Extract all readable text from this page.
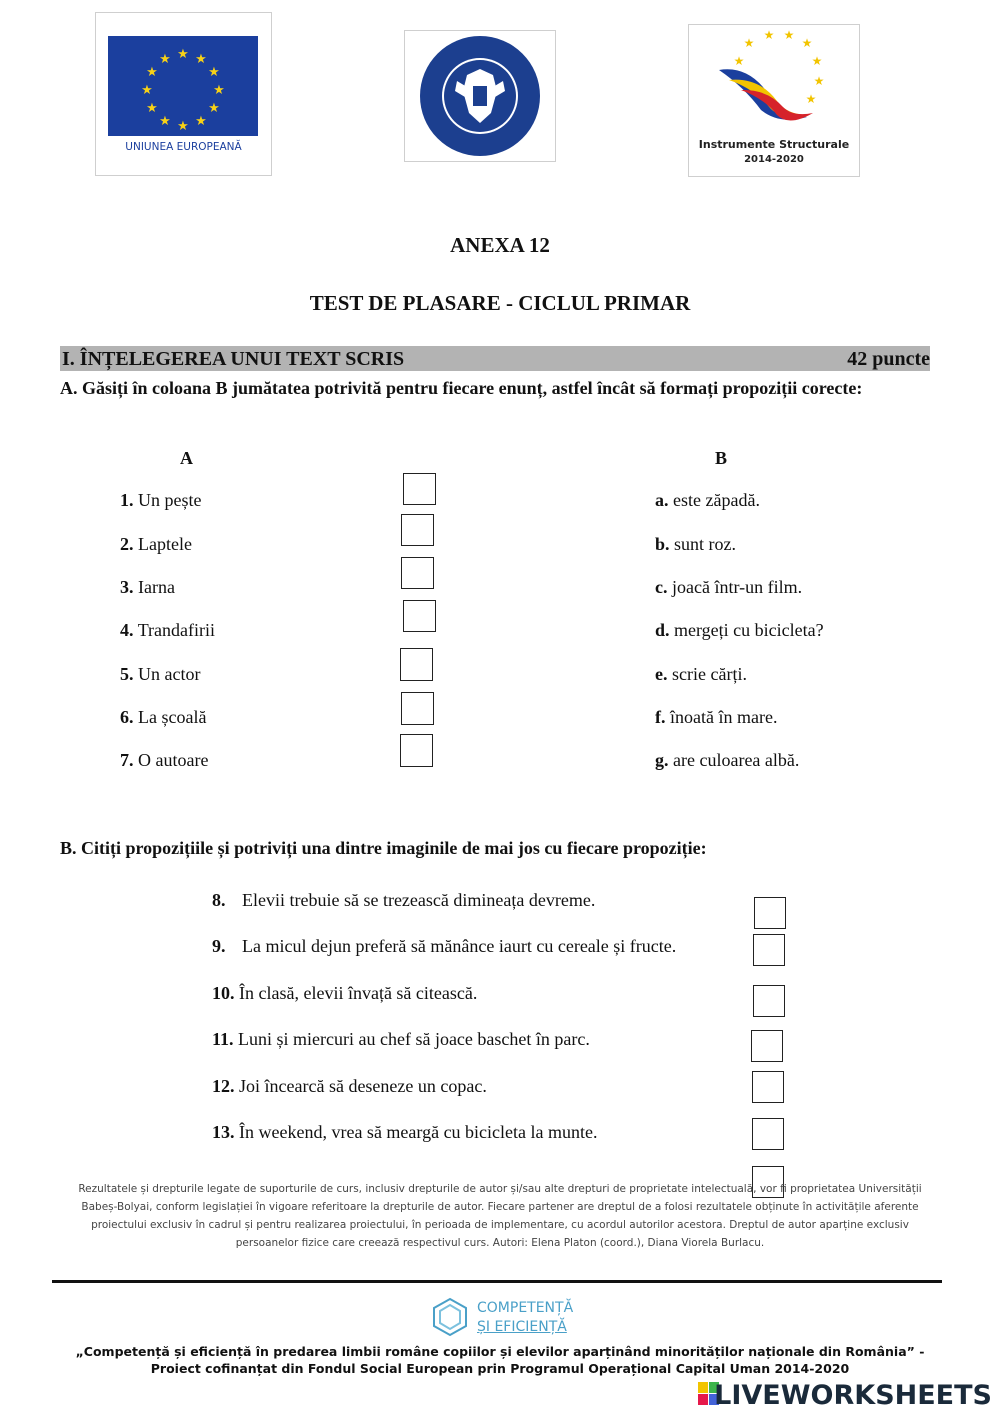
★ ★
★
★
★
★
★
★
★
★
★
★
UNIUNEA EUROPEANĂ
★
★ ★
★
★
★
★
★
Instrumente Structurale
2014-2020
ANEXA 12
TEST DE PLASARE - CICLUL PRIMAR
I. ÎNȚELEGEREA UNUI TEXT SCRIS	42 puncte
A. Găsiți în coloana B jumătatea potrivită pentru fiecare enunț, astfel încât să formați propoziții corecte:
A	B
1. Un pește
2. Laptele
3. Iarna
4. Trandafirii
5. Un actor
6. La școală
7. O autoare
a. este zăpadă.
b. sunt roz.
c. joacă într-un film.
d. mergeți cu bicicleta?
e. scrie cărți.
f. înoată în mare.
g. are culoarea albă.
B. Citiți propozițiile și potriviți una dintre imaginile de mai jos cu fiecare propoziție:
8. Elevii trebuie să se trezească dimineața devreme.
9. La micul dejun preferă să mănânce iaurt cu cereale și fructe.
10. În clasă, elevii învață să citească.
11. Luni și miercuri au chef să joace baschet în parc.
12. Joi încearcă să deseneze un copac.
13. În weekend, vrea să meargă cu bicicleta la munte.
Rezultatele și drepturile legate de suporturile de curs, inclusiv drepturile de autor și/sau alte drepturi de proprietate intelectuală, vor fi proprietatea Universității Babeș-Bolyai, conform legislației în vigoare referitoare la drepturile de autor. Fiecare partener are dreptul de a folosi rezultatele obținute în activitățile aferente proiectului exclusiv în cadrul și pentru realizarea proiectului, în perioada de implementare, cu acordul autorilor acestora. Dreptul de autor aparține exclusiv persoanelor fizice care creează respectivul curs. Autori: Elena Platon (coord.), Diana Viorela Burlacu.
COMPETENȚĂ
ȘI EFICIENȚĂ
„Competență și eficiență în predarea limbii române copiilor și elevilor aparținând minorităților naționale din România” -
Proiect cofinanțat din Fondul Social European prin Programul Operațional Capital Uman 2014-2020
LIVEWORKSHEETS
